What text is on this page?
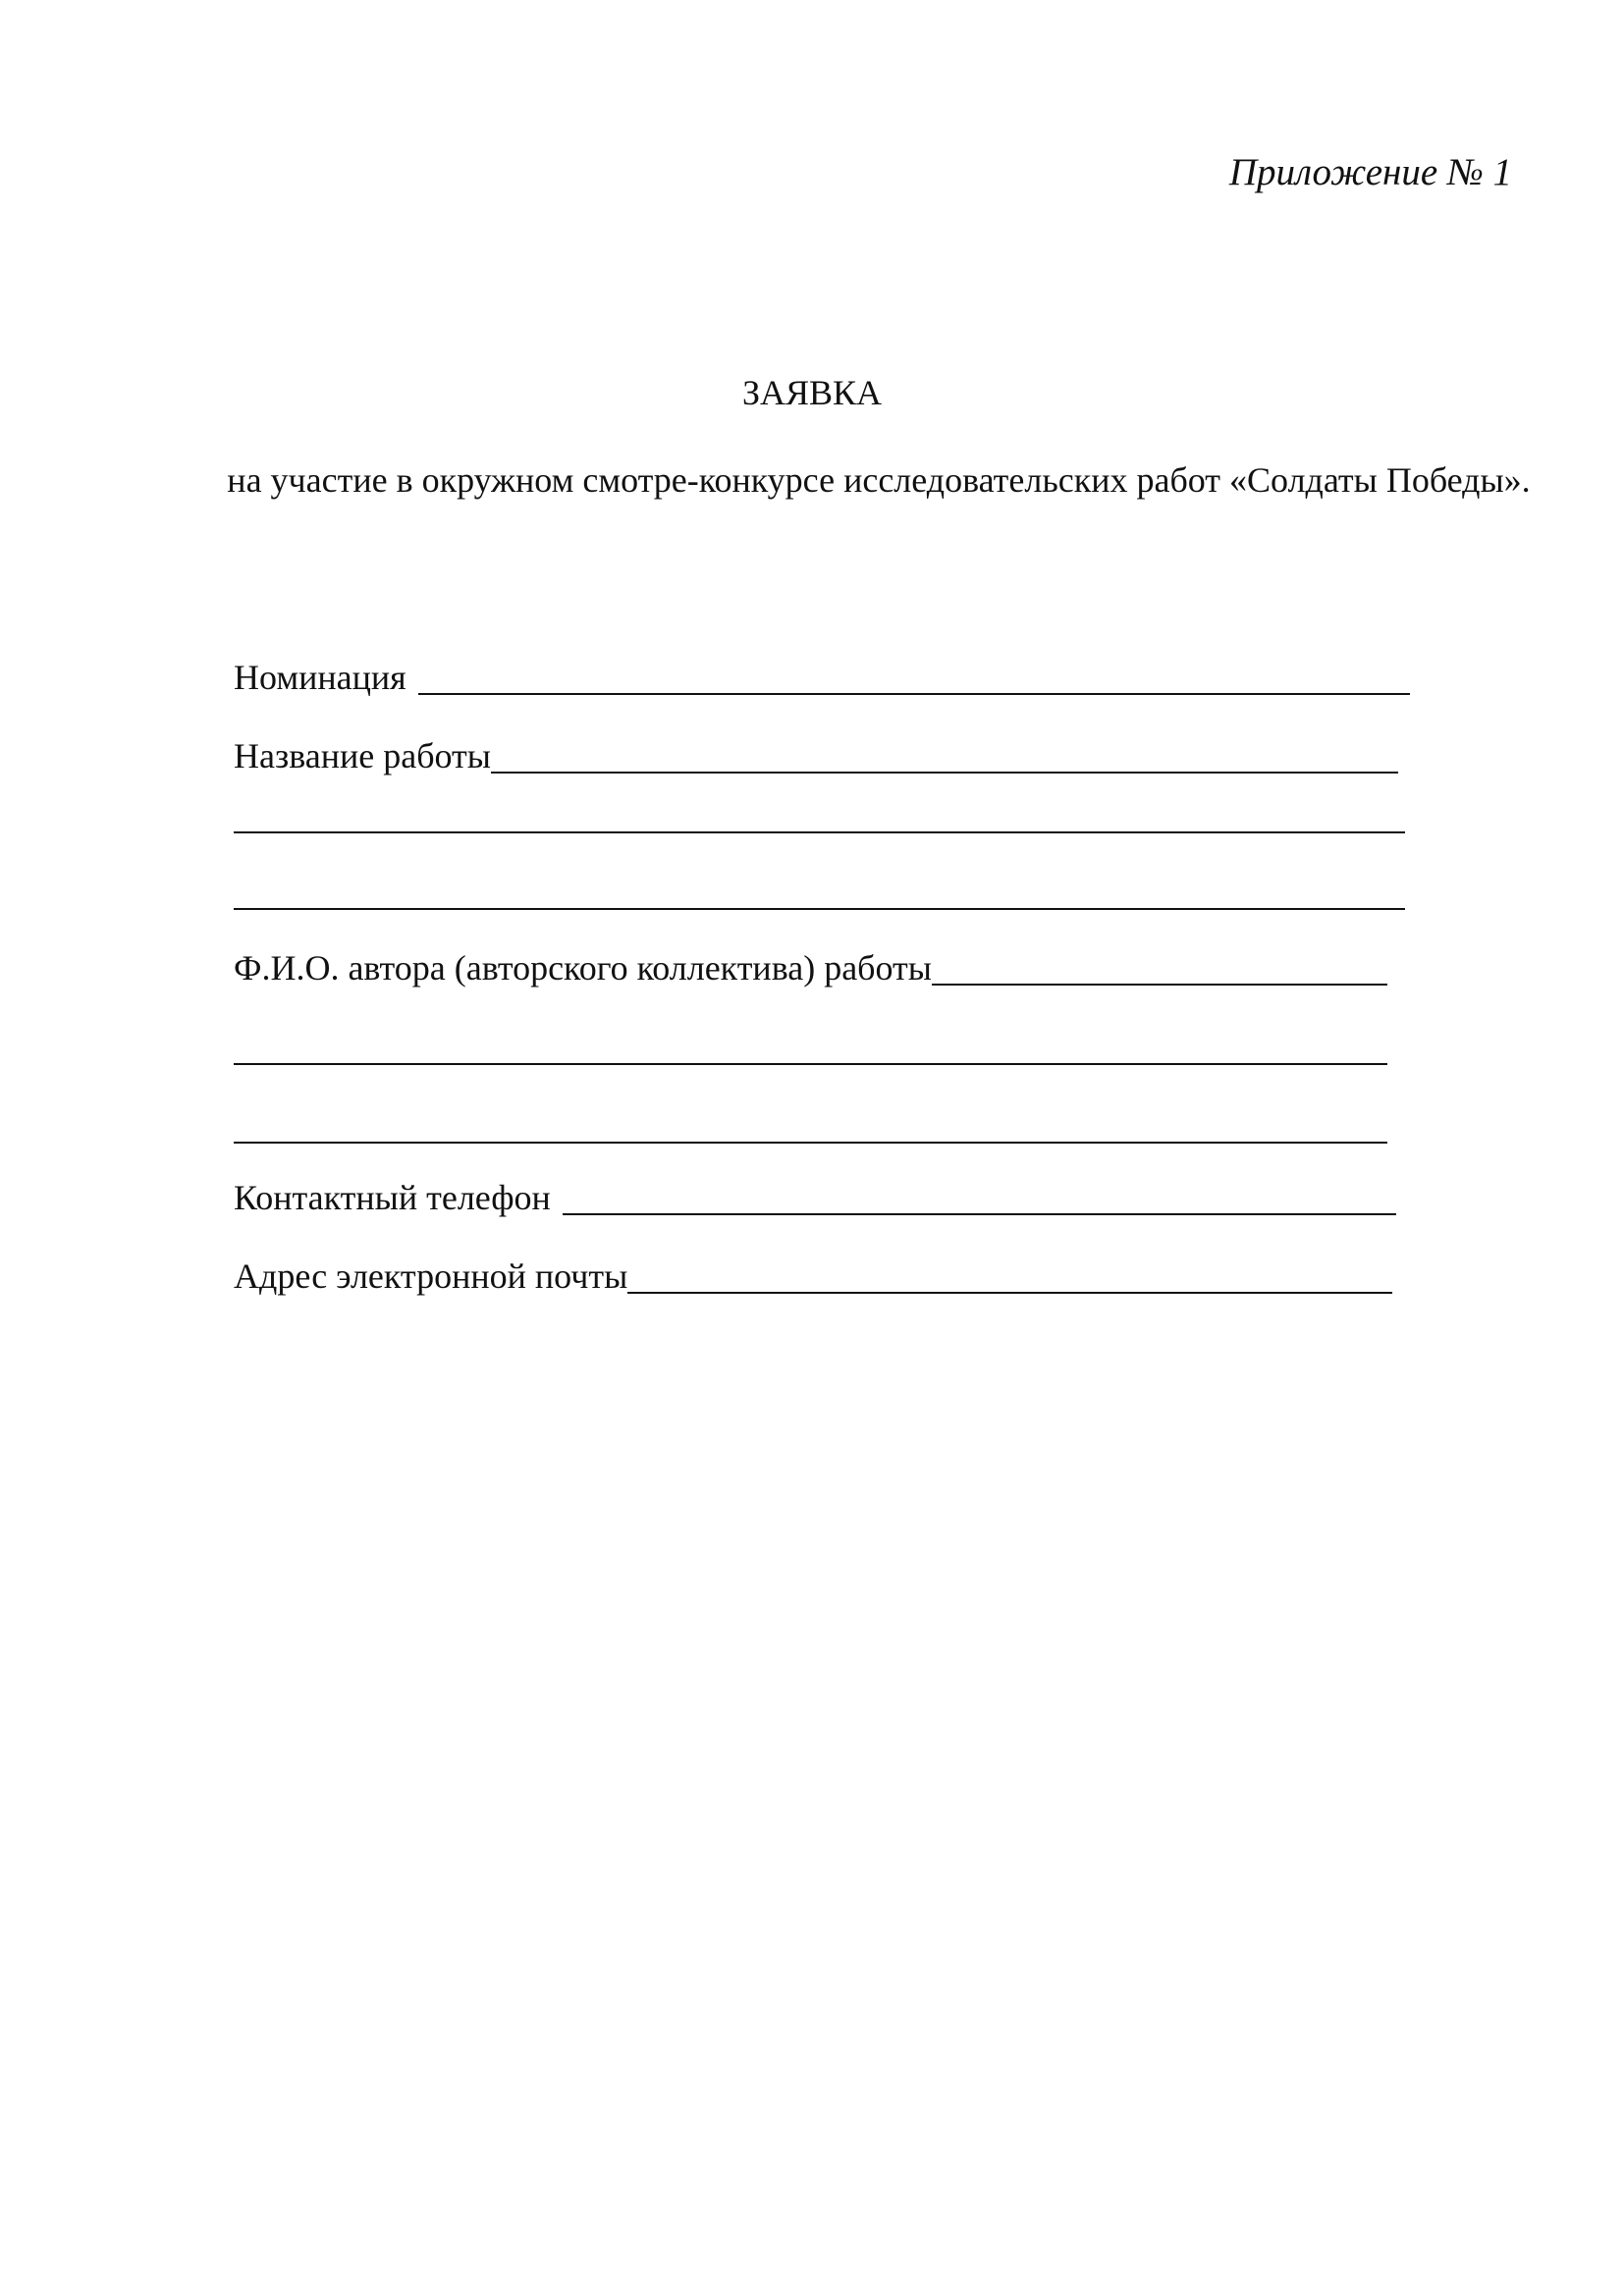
Приложение № 1
ЗАЯВКА
на участие в окружном смотре-конкурсе исследовательских работ «Солдаты Победы».
Номинация
Название работы
Ф.И.О. автора (авторского коллектива) работы
Контактный телефон
Адрес электронной почты
